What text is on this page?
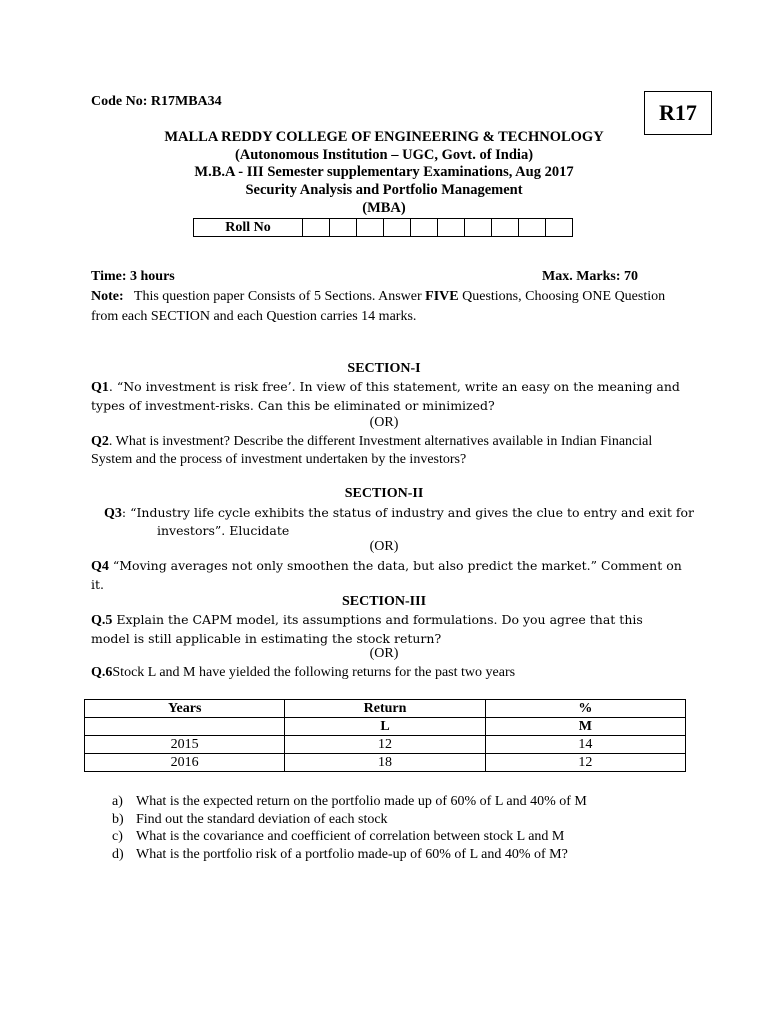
Code No: R17MBA34	R17
MALLA REDDY COLLEGE OF ENGINEERING & TECHNOLOGY
(Autonomous Institution – UGC, Govt. of India)
M.B.A - III Semester supplementary Examinations, Aug 2017
Security Analysis and Portfolio Management
(MBA)
Roll No										
Time: 3 hours	Max. Marks: 70
Note: This question paper Consists of 5 Sections. Answer FIVE Questions, Choosing ONE Question from each SECTION and each Question carries 14 marks.
SECTION-I
Q1. “No investment is risk free’. In view of this statement, write an easy on the meaning and types of investment-risks. Can this be eliminated or minimized?
(OR)
Q2. What is investment? Describe the different Investment alternatives available in Indian Financial System and the process of investment undertaken by the investors?
SECTION-II
Q3: “Industry life cycle exhibits the status of industry and gives the clue to entry and exit for
investors”. Elucidate
(OR)
Q4 “Moving averages not only smoothen the data, but also predict the market.” Comment on it.
SECTION-III
Q.5 Explain the CAPM model, its assumptions and formulations. Do you agree that this model is still applicable in estimating the stock return?
(OR)
Q.6Stock L and M have yielded the following returns for the past two years
Years	Return	%
	L	M
2015	12	14
2016	18	12
a) What is the expected return on the portfolio made up of 60% of L and 40% of M
b) Find out the standard deviation of each stock
c) What is the covariance and coefficient of correlation between stock L and M
d) What is the portfolio risk of a portfolio made-up of 60% of L and 40% of M?
